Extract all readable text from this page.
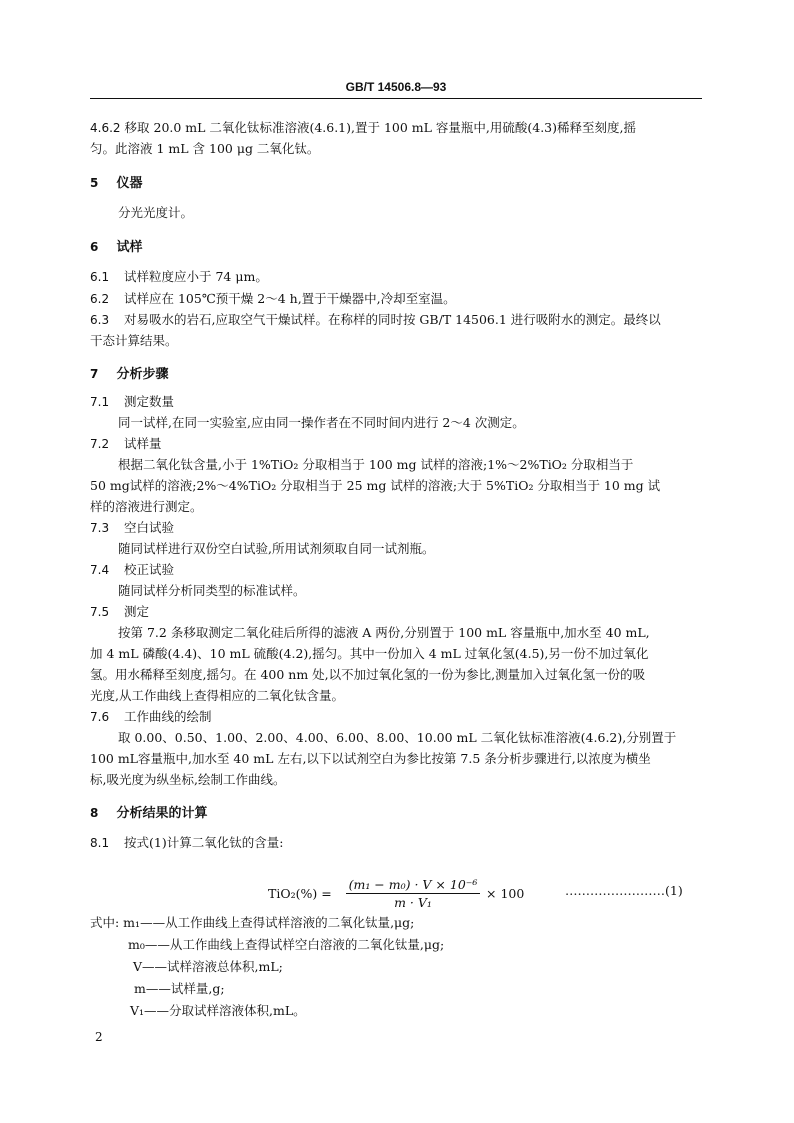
GB/T 14506.8—93
4.6.2 移取 20.0 mL 二氧化钛标准溶液(4.6.1),置于 100 mL 容量瓶中,用硫酸(4.3)稀释至刻度,摇
匀。此溶液 1 mL 含 100 μg 二氧化钛。
5 仪器
分光光度计。
6 试样
6.1 试样粒度应小于 74 μm。
6.2 试样应在 105℃预干燥 2～4 h,置于干燥器中,冷却至室温。
6.3 对易吸水的岩石,应取空气干燥试样。在称样的同时按 GB/T 14506.1 进行吸附水的测定。最终以
干态计算结果。
7 分析步骤
7.1 测定数量
同一试样,在同一实验室,应由同一操作者在不同时间内进行 2～4 次测定。
7.2 试样量
根据二氧化钛含量,小于 1%TiO₂ 分取相当于 100 mg 试样的溶液;1%～2%TiO₂ 分取相当于
50 mg试样的溶液;2%～4%TiO₂ 分取相当于 25 mg 试样的溶液;大于 5%TiO₂ 分取相当于 10 mg 试
样的溶液进行测定。
7.3 空白试验
随同试样进行双份空白试验,所用试剂须取自同一试剂瓶。
7.4 校正试验
随同试样分析同类型的标准试样。
7.5 测定
按第 7.2 条移取测定二氧化硅后所得的滤液 A 两份,分别置于 100 mL 容量瓶中,加水至 40 mL,
加 4 mL 磷酸(4.4)、10 mL 硫酸(4.2),摇匀。其中一份加入 4 mL 过氧化氢(4.5),另一份不加过氧化
氢。用水稀释至刻度,摇匀。在 400 nm 处,以不加过氧化氢的一份为参比,测量加入过氧化氢一份的吸
光度,从工作曲线上查得相应的二氧化钛含量。
7.6 工作曲线的绘制
取 0.00、0.50、1.00、2.00、4.00、6.00、8.00、10.00 mL 二氧化钛标准溶液(4.6.2),分别置于
100 mL容量瓶中,加水至 40 mL 左右,以下以试剂空白为参比按第 7.5 条分析步骤进行,以浓度为横坐
标,吸光度为纵坐标,绘制工作曲线。
8 分析结果的计算
8.1 按式(1)计算二氧化钛的含量:
$TiO_2(\%) = \frac{\text{(m₁ − m₀) · V × 10⁻⁶}}{\text{m · V₁}} \times 100$	……………………(1)
式中: m₁——从工作曲线上查得试样溶液的二氧化钛量,μg;
m₀——从工作曲线上查得试样空白溶液的二氧化钛量,μg;
V——试样溶液总体积,mL;
m——试样量,g;
V₁——分取试样溶液体积,mL。
2
